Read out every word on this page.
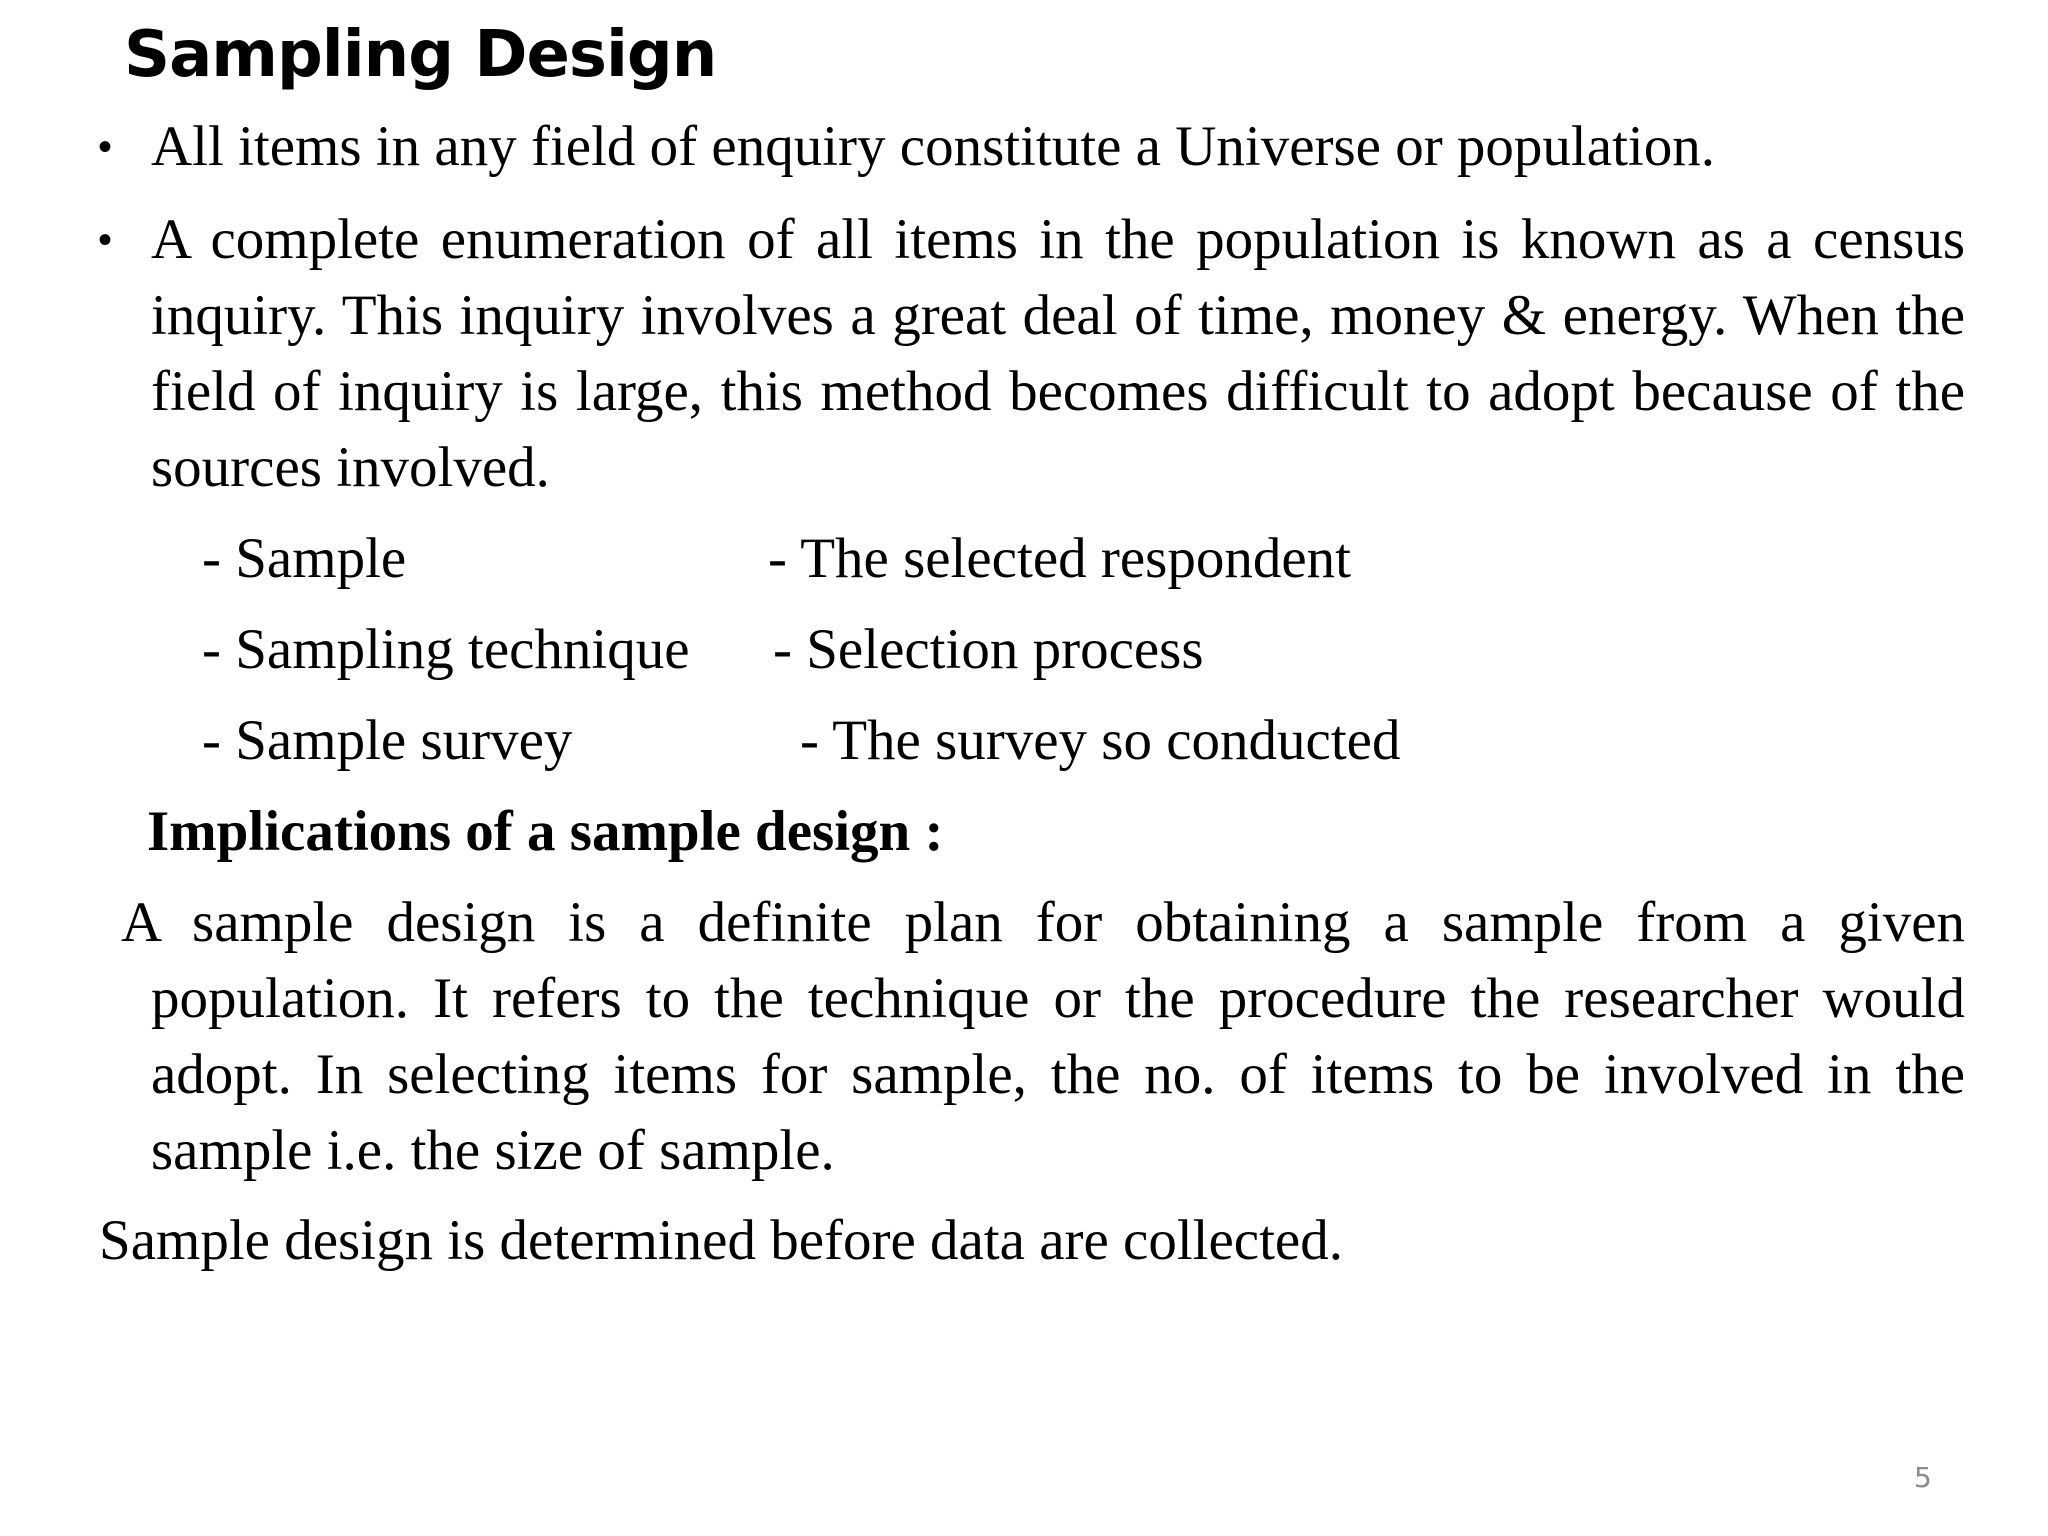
Sampling Design
• All items in any field of enquiry constitute a Universe or population.
• A complete enumeration of all items in the population is known as a census inquiry. This inquiry involves a great deal of time, money & energy. When the field of inquiry is large, this method becomes difficult to adopt because of the sources involved.
- Sample	- The selected respondent
- Sampling technique - Selection process
- Sample survey	- The survey so conducted
Implications of a sample design :
A sample design is a definite plan for obtaining a sample from a given population. It refers to the technique or the procedure the researcher would adopt. In selecting items for sample, the no. of items to be involved in the sample i.e. the size of sample.
Sample design is determined before data are collected.
5
